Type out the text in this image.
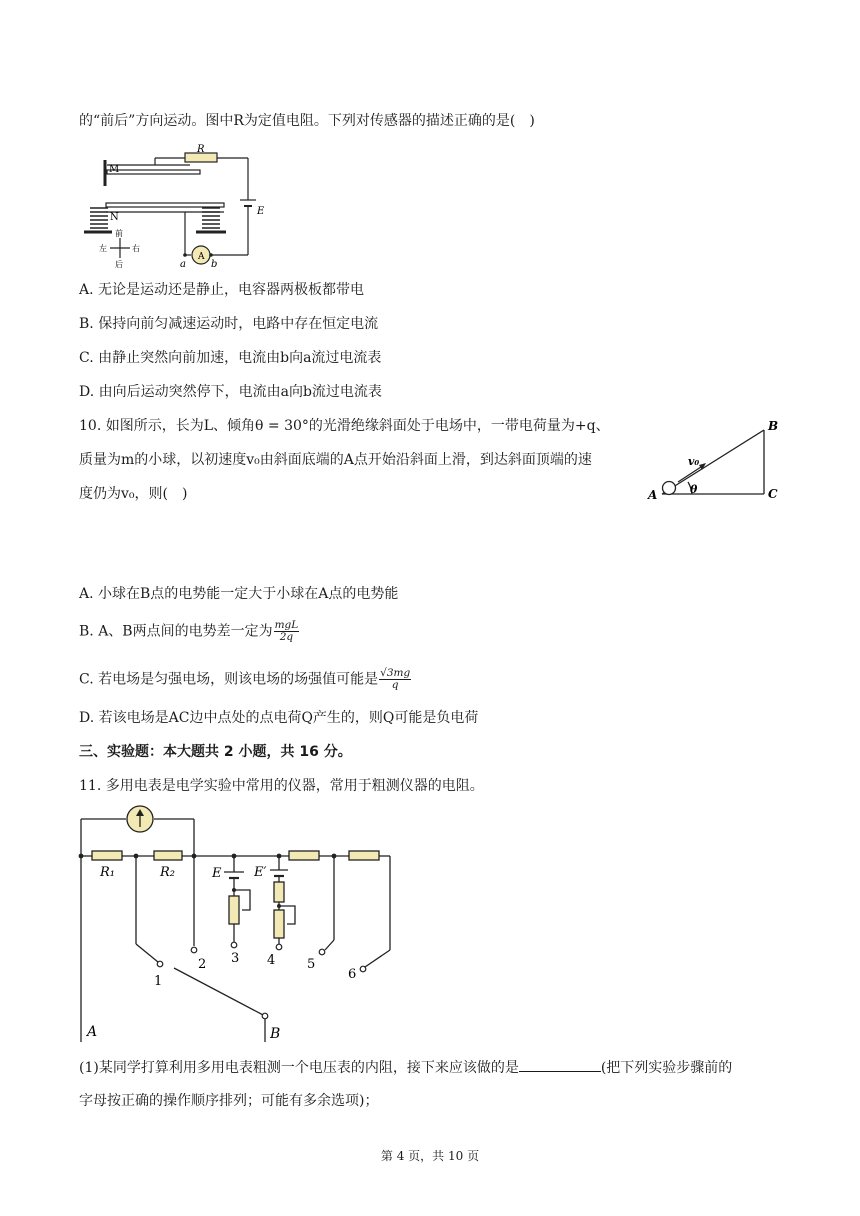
的“前后”方向运动。图中R为定值电阻。下列对传感器的描述正确的是(　)
M
N
R
E
A
a	b
前
后
左	右
A. 无论是运动还是静止，电容器两极板都带电
B. 保持向前匀减速运动时，电路中存在恒定电流
C. 由静止突然向前加速，电流由b向a流过电流表
D. 由向后运动突然停下，电流由a向b流过电流表
10. 如图所示，长为L、倾角θ = 30°的光滑绝缘斜面处于电场中，一带电荷量为+q、
质量为m的小球，以初速度v₀由斜面底端的A点开始沿斜面上滑，到达斜面顶端的速
度仍为v₀，则(　)	A
B
C
θ
v₀
A. 小球在B点的电势能一定大于小球在A点的电势能
B. A、B两点间的电势差一定为 $\frac{\text{mgL}}{2q}$
C. 若电场是匀强电场，则该电场的场强值可能是 $\frac{√3mg}{q}$
D. 若该电场是AC边中点处的点电荷Q产生的，则Q可能是负电荷
三、实验题：本大题共 2 小题，共 16 分。
11. 多用电表是电学实验中常用的仪器，常用于粗测仪器的电阻。
R₁	R₂	E	E′
1
2 3 4 5
6
A	B
(1)某同学打算利用多用电表粗测一个电压表的内阻，接下来应该做的是	(把下列实验步骤前的
字母按正确的操作顺序排列；可能有多余选项)；
第 4 页，共 10 页
